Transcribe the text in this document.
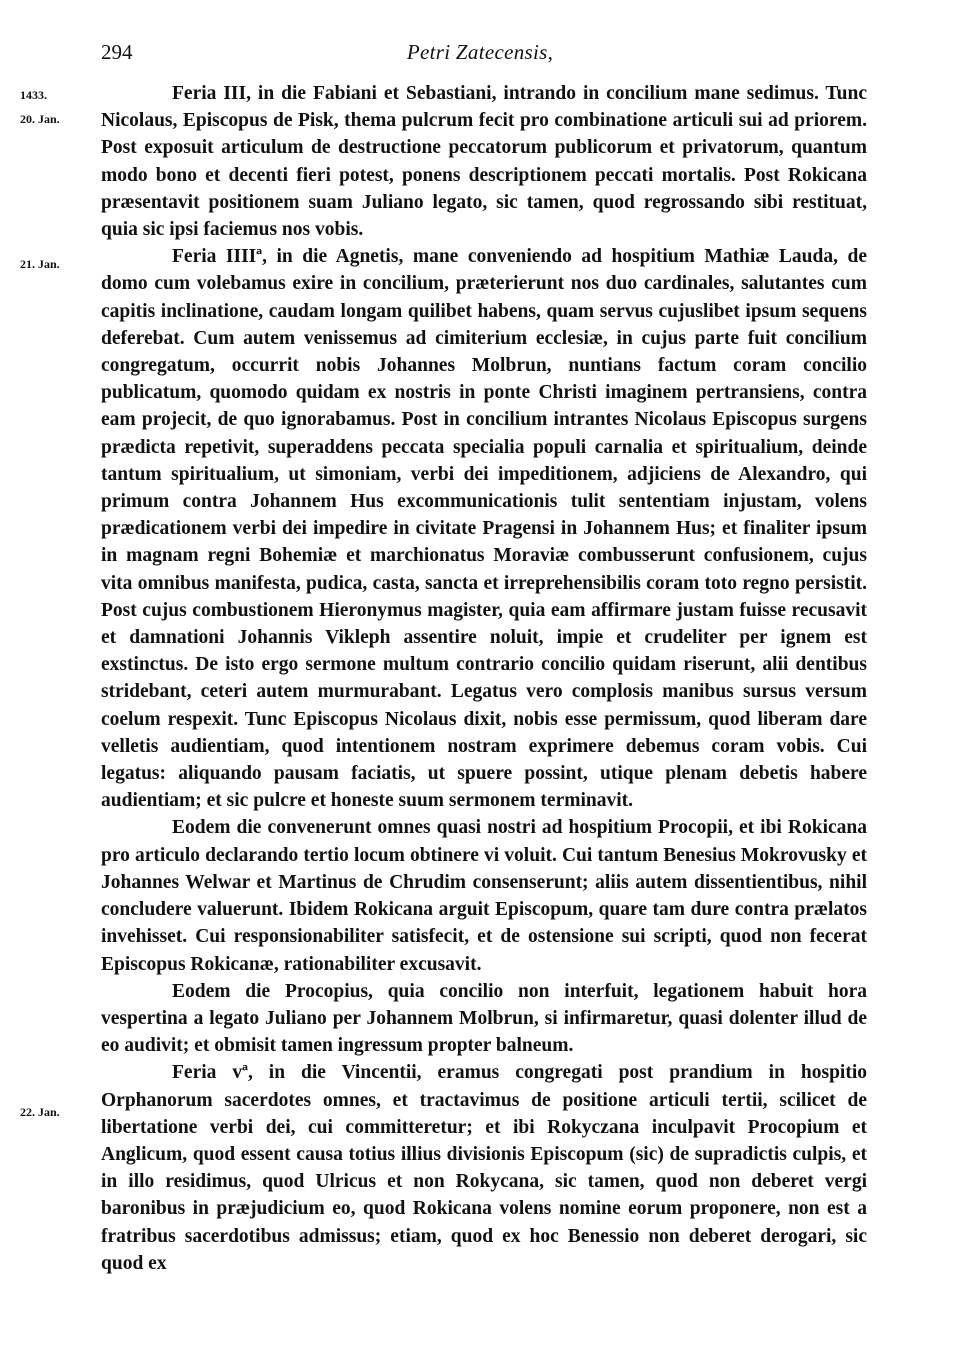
294	Petri Zatecensis,
1433.
20. Jan.
21. Jan.
22. Jan.

Feria III, in die Fabiani et Sebastiani, intrando in concilium mane sedimus. Tunc Nicolaus, Episcopus de Pisk, thema pulcrum fecit pro combinatione articuli sui ad priorem. Post exposuit articulum de destructione peccatorum publicorum et privatorum, quantum modo bono et decenti fieri potest, ponens descriptionem peccati mortalis. Post Rokicana præsentavit positionem suam Juliano legato, sic tamen, quod regrossando sibi restituat, quia sic ipsi faciemus nos vobis.

Feria IIIIª, in die Agnetis, mane conveniendo ad hospitium Mathiæ Lauda, de domo cum volebamus exire in concilium, præterierunt nos duo cardinales, salutantes cum capitis inclinatione, caudam longam quilibet habens, quam servus cujuslibet ipsum sequens deferebat. Cum autem venissemus ad cimiterium ecclesiæ, in cujus parte fuit concilium congregatum, occurrit nobis Johannes Molbrun, nuntians factum coram concilio publicatum, quomodo quidam ex nostris in ponte Christi imaginem pertransiens, contra eam projecit, de quo ignorabamus. Post in concilium intrantes Nicolaus Episcopus surgens prædicta repetivit, superaddens peccata specialia populi carnalia et spiritualium, deinde tantum spiritualium, ut simoniam, verbi dei impeditionem, adjiciens de Alexandro, qui primum contra Johannem Hus excommunicationis tulit sententiam injustam, volens prædicationem verbi dei impedire in civitate Pragensi in Johannem Hus; et finaliter ipsum in magnam regni Bohemiæ et marchionatus Moraviæ combusserunt confusionem, cujus vita omnibus manifesta, pudica, casta, sancta et irreprehensibilis coram toto regno persistit. Post cujus combustionem Hieronymus magister, quia eam affirmare justam fuisse recusavit et damnationi Johannis Vikleph assentire noluit, impie et crudeliter per ignem est exstinctus. De isto ergo sermone multum contrario concilio quidam riserunt, alii dentibus stridebant, ceteri autem murmurabant. Legatus vero complosis manibus sursus versum coelum respexit. Tunc Episcopus Nicolaus dixit, nobis esse permissum, quod liberam dare velletis audientiam, quod intentionem nostram exprimere debemus coram vobis. Cui legatus: aliquando pausam faciatis, ut spuere possint, utique plenam debetis habere audientiam; et sic pulcre et honeste suum sermonem terminavit.

Eodem die convenerunt omnes quasi nostri ad hospitium Procopii, et ibi Rokicana pro articulo declarando tertio locum obtinere vi voluit. Cui tantum Benesius Mokrovusky et Johannes Welwar et Martinus de Chrudim consenserunt; aliis autem dissentientibus, nihil concludere valuerunt. Ibidem Rokicana arguit Episcopum, quare tam dure contra prælatos invehisset. Cui responsionabiliter satisfecit, et de ostensione sui scripti, quod non fecerat Episcopus Rokicanæ, rationabiliter excusavit.

Eodem die Procopius, quia concilio non interfuit, legationem habuit hora vespertina a legato Juliano per Johannem Molbrun, si infirmaretur, quasi dolenter illud de eo audivit; et obmisit tamen ingressum propter balneum.

Feria vª, in die Vincentii, eramus congregati post prandium in hospitio Orphanorum sacerdotes omnes, et tractavimus de positione articuli tertii, scilicet de libertatione verbi dei, cui committeretur; et ibi Rokyczana inculpavit Procopium et Anglicum, quod essent causa totius illius divisionis Episcopum (sic) de supradictis culpis, et in illo residimus, quod Ulricus et non Rokycana, sic tamen, quod non deberet vergi baronibus in præjudicium eo, quod Rokicana volens nomine eorum proponere, non est a fratribus sacerdotibus admissus; etiam, quod ex hoc Benessio non deberet derogari, sic quod ex
